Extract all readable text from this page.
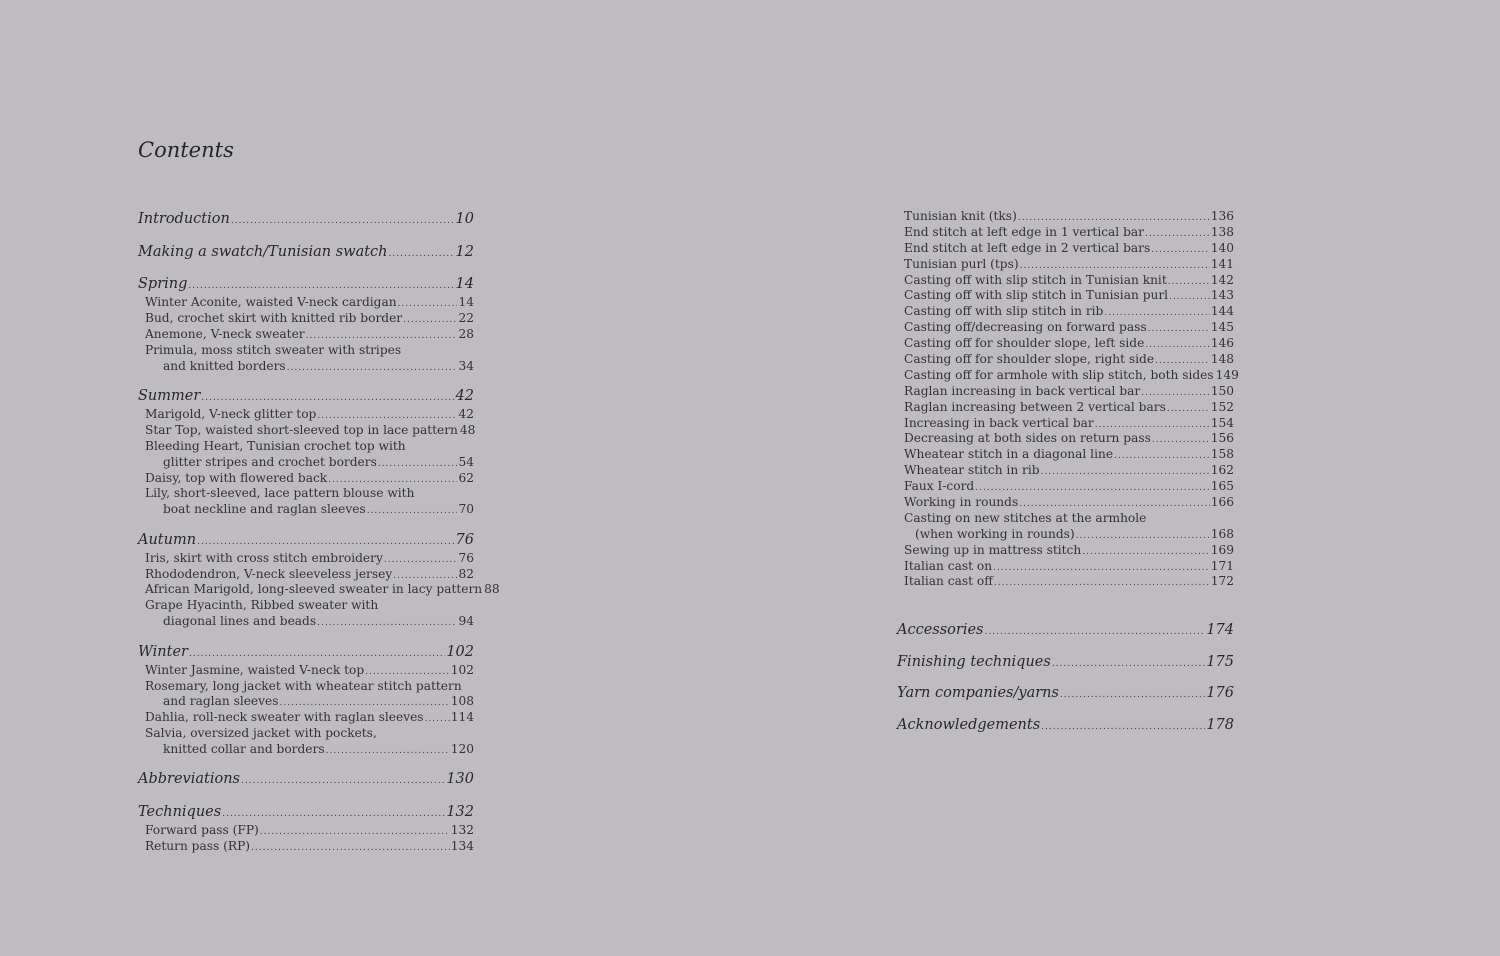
Contents
Introduction .....	10
Making a swatch/Tunisian swatch .....	12
Spring .....	14
Winter Aconite, waisted V-neck cardigan .....	14
Bud, crochet skirt with knitted rib border .....	22
Anemone, V-neck sweater .....	28
Primula, moss stitch sweater with stripes
and knitted borders .....	34
Summer .....	42
Marigold, V-neck glitter top .....	42
Star Top, waisted short-sleeved top in lace pattern 48
Bleeding Heart, Tunisian crochet top with
glitter stripes and crochet borders .....	54
Daisy, top with flowered back .....	62
Lily, short-sleeved, lace pattern blouse with
boat neckline and raglan sleeves .....	70
Autumn .....	76
Iris, skirt with cross stitch embroidery .....	76
Rhododendron, V-neck sleeveless jersey .....	82
African Marigold, long-sleeved sweater in lacy pattern 88
Grape Hyacinth, Ribbed sweater with
diagonal lines and beads .....	94
Winter .....	102
Winter Jasmine, waisted V-neck top .....	102
Rosemary, long jacket with wheatear stitch pattern
and raglan sleeves .....	108
Dahlia, roll-neck sweater with raglan sleeves ..... 114
Salvia, oversized jacket with pockets,
knitted collar and borders .....	120
Abbreviations .....	130
Techniques .....	132
Forward pass (FP) .....	132
Return pass (RP) .....	134
Tunisian knit (tks) .....	136
End stitch at left edge in 1 vertical bar .....	138
End stitch at left edge in 2 vertical bars .....	140
Tunisian purl (tps) .....	141
Casting off with slip stitch in Tunisian knit .....	142
Casting off with slip stitch in Tunisian purl .....	143
Casting off with slip stitch in rib .....	144
Casting off/decreasing on forward pass .....	145
Casting off for shoulder slope, left side .....	146
Casting off for shoulder slope, right side .....	148
Casting off for armhole with slip stitch, both sides 149
Raglan increasing in back vertical bar .....	150
Raglan increasing between 2 vertical bars .....	152
Increasing in back vertical bar .....	154
Decreasing at both sides on return pass .....	156
Wheatear stitch in a diagonal line .....	158
Wheatear stitch in rib .....	162
Faux I-cord .....	165
Working in rounds .....	166
Casting on new stitches at the armhole
(when working in rounds) .....	168
Sewing up in mattress stitch .....	169
Italian cast on .....	171
Italian cast off .....	172
Accessories .....	174
Finishing techniques .....	175
Yarn companies/yarns .....	176
Acknowledgements .....	178
